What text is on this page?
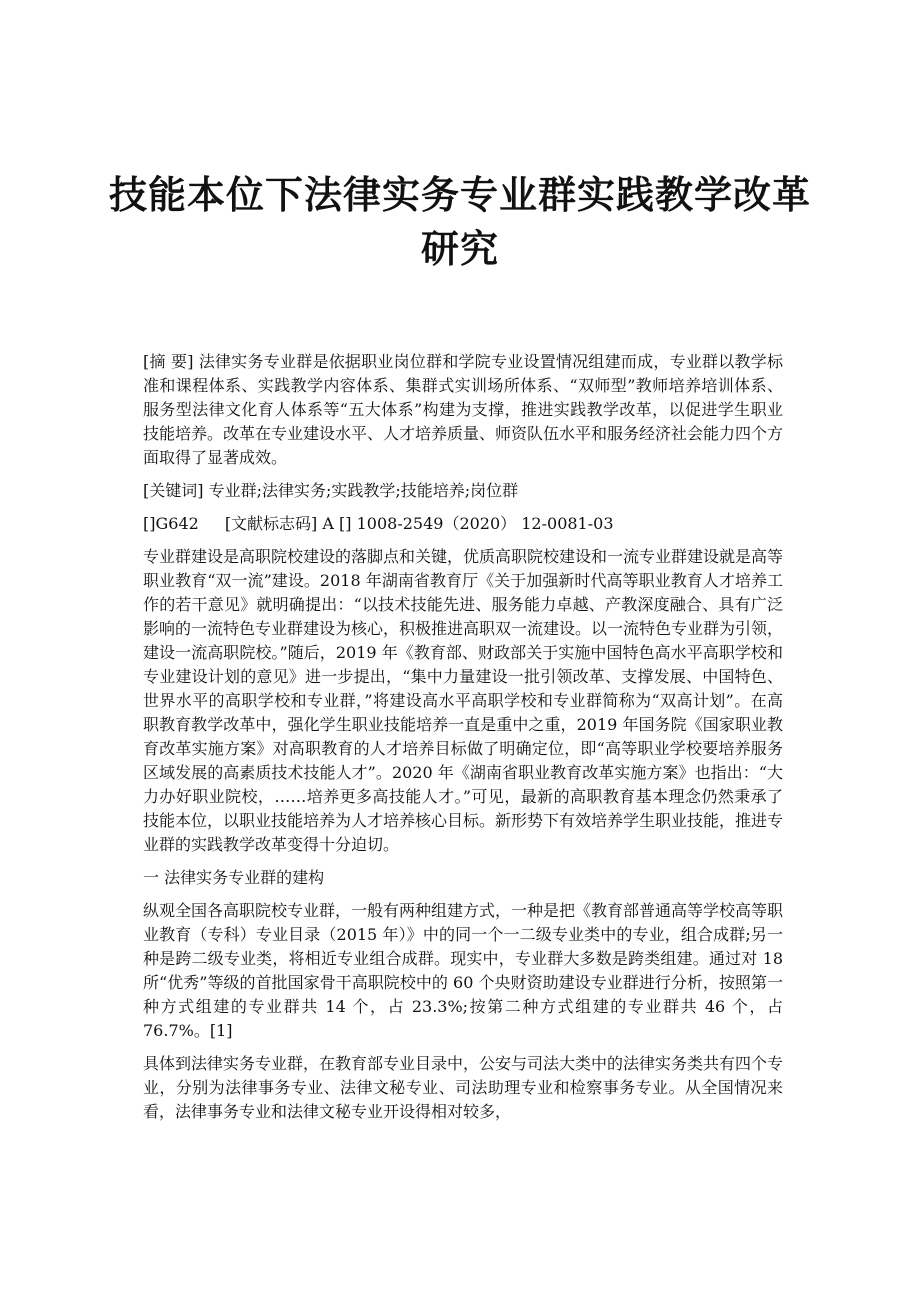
技能本位下法律实务专业群实践教学改革研究

[摘 要] 法律实务专业群是依据职业岗位群和学院专业设置情况组建而成，专业群以教学标准和课程体系、实践教学内容体系、集群式实训场所体系、“双师型”教师培养培训体系、服务型法律文化育人体系等“五大体系”构建为支撑，推进实践教学改革，以促进学生职业技能培养。改革在专业建设水平、人才培养质量、师资队伍水平和服务经济社会能力四个方面取得了显著成效。

[关键词] 专业群;法律实务;实践教学;技能培养;岗位群

[]G642 [文献标志码] A [] 1008-2549（2020） 12-0081-03

专业群建设是高职院校建设的落脚点和关键，优质高职院校建设和一流专业群建设就是高等职业教育“双一流”建设。2018 年湖南省教育厅《关于加强新时代高等职业教育人才培养工作的若干意见》就明确提出：“以技术技能先进、服务能力卓越、产教深度融合、具有广泛影响的一流特色专业群建设为核心，积极推进高职双一流建设。以一流特色专业群为引领，建设一流高职院校。”随后，2019 年《教育部、财政部关于实施中国特色高水平高职学校和专业建设计划的意见》进一步提出，“集中力量建设一批引领改革、支撑发展、中国特色、世界水平的高职学校和专业群，”将建设高水平高职学校和专业群简称为“双高计划”。在高职教育教学改革中，强化学生职业技能培养一直是重中之重，2019 年国务院《国家职业教育改革实施方案》对高职教育的人才培养目标做了明确定位，即“高等职业学校要培养服务区域发展的高素质技术技能人才”。2020 年《湖南省职业教育改革实施方案》也指出：“大力办好职业院校，……培养更多高技能人才。”可见，最新的高职教育基本理念仍然秉承了技能本位，以职业技能培养为人才培养核心目标。新形势下有效培养学生职业技能，推进专业群的实践教学改革变得十分迫切。

一 法律实务专业群的建构

纵观全国各高职院校专业群，一般有两种组建方式，一种是把《教育部普通高等学校高等职业教育（专科）专业目录（2015 年）》中的同一个一二级专业类中的专业，组合成群;另一种是跨二级专业类，将相近专业组合成群。现实中，专业群大多数是跨类组建。通过对 18 所“优秀”等级的首批国家骨干高职院校中的 60 个央财资助建设专业群进行分析，按照第一种方式组建的专业群共 14 个，占 23.3%;按第二种方式组建的专业群共 46 个，占 76.7%。[1]

具体到法律实务专业群，在教育部专业目录中，公安与司法大类中的法律实务类共有四个专业，分别为法律事务专业、法律文秘专业、司法助理专业和检察事务专业。从全国情况来看，法律事务专业和法律文秘专业开设得相对较多，
